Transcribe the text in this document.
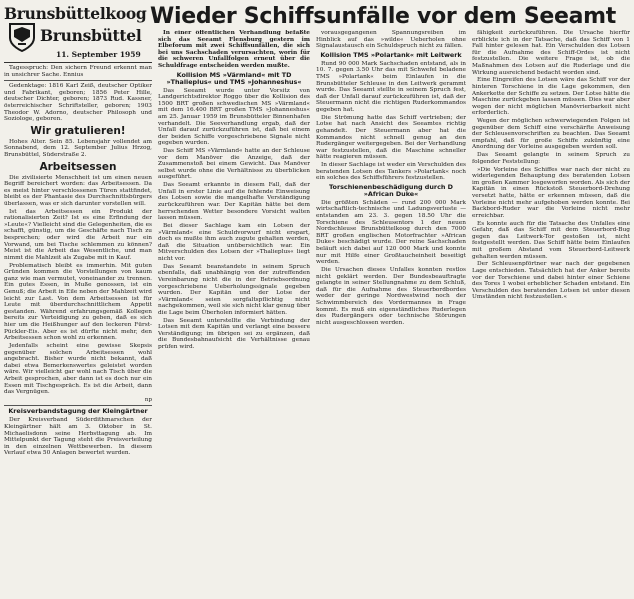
Brunsbüttelkoog
Brunsbüttel
11. September 1959
Wieder Schiffsunfälle vor dem Seeamt

Tagesspruch: Den sichern Freund erkennt man in unsichrer Sache. Ennius

Gedenktage: 1816 Karl Zeiß, deutscher Optiker und Fabrikant, geboren; 1856 Peter Hille, deutscher Dichter, geboren; 1873 Rud. Kassner, österreichischer Schriftsteller, geboren; 1903 Theodor W. Adorno, deutscher Philosoph und Soziologe, geboren.

Wir gratulieren!

Hohes Alter. Sein 85. Lebensjahr vollendet am Sonnabend, dem 12. September Julius Hrzog, Brunsbüttel, Süderstraße 2.

Arbeitsessen

Die zivilisierte Menschheit ist um einen neuen Begriff bereichert worden: das Arbeitsessen. Da es meist hinter verschlossenen Türen stattfindet, bleibt es der Phantasie des Durchschnittsbürgers überlassen, was er sich darunter vorstellen will.

Ist das Arbeitsessen ein Produkt der rationalisierten Zeit? Ist es eine Erfindung der »Leute«? Vielleicht sind die Gelegenheiten, die es schafft, günstig, um die Geschäfte nach Tisch zu besprechen; oder wird die Arbeit nur ein Vorwand, um bei Tische schlemmen zu können? Meist ist die Arbeit das Wesentliche, und man nimmt die Mahlzeit als Zugabe mit in Kauf.

Problematisch bleibt es immerhin. Mit guten Gründen kommen die Vorstellungen von kaum ganz wie man vermutet, voneinander zu trennen. Ein gutes Essen, in Muße genossen, ist ein Genuß; die Arbeit in Eile neben der Mahlzeit wird leicht zur Last. Von dem Arbeitsessen ist für Leute mit überdurchschnittlichem Appetit gestanden. Während erfahrungsgemäß Kollegen bereits zur Verteidigung zu geben, daß es sich hier um die Heißhunger auf den leckeren Fürst-Pückler-Eis. Aber es ist dürfte nicht mehr, den Arbeitsessen schon wohl zu erkennen.

Jedenfalls scheint eine gewisse Skepsis gegenüber solchen Arbeitsessen wohl angebracht. Bisher wurde nicht bekannt, daß dabei etwa Bemerkenswertes geleistet worden wäre. Wir vielleicht gar wohl nach Tisch über die Arbeit gesprochen, aber dann ist es doch nur ein Essen mit Tischgespräch. Es ist die Arbeit, dann das Vergnügen.

np
Kreisverbandstagung der Kleingärtner

Der Kreisverband Süderdithmarschen der Kleingärtner hält am 3. Oktober in St. Michaelisdonn seine Herbsttagung ab. Im Mittelpunkt der Tagung steht die Preisverteilung in den einzelnen Wettbewerben. In diesem Verlauf etwa 50 Anlagen bewertet wurden.

In einer öffentlichen Verhandlung befaßte sich das Seeamt Flensburg gestern im Elbeforum mit zwei Schiffsunfällen, die sich bei uns Sachschaden verursachten, worin für die schweren Unfallfolgen erneut über die Schuldfrage entscheiden werden mußte.

Kollision MS »Värmland« mit TD »Thalieplus« und TMS »Johanneshus«

Das Seeamt wurde unter Vorsitz von Landgerichtsdirektor Roggo über die Kollision des 1500 BRT großen schwedischen MS »Värmland« mit dem 16.400 BRT großen TMS »Johanneshus« am 25. Januar 1959 im Brunsbütteler Binnenhafen verhandelt. Die Seeverhandlung ergab, daß der Unfall darauf zurückzuführen ist, daß bei einem der beiden Schiffe vorgeschriebene Signale nicht gegeben wurden.

Das Schiff MS »Värmland« hatte an der Schleuse vor dem Manöver die Anzeige, daß der Zusammenstoß bei einem Gewicht. Das Manöver selbst wurde ohne die Verhältnisse zu überblicken ausgeführt.

Das Seeamt erkannte in diesem Fall, daß der Unfall in erster Linie auf die fehlende Einweisung des Lotsen sowie die mangelhafte Verständigung zurückzuführen war. Der Kapitän hätte bei dem herrschenden Wetter besondere Vorsicht walten lassen müssen.

Bei dieser Sachlage kam ein Lotsen der »Värmland« eine Schuldvorwurf nicht erspart, doch es mußte ihm auch zugute gehalten werden, daß die Situation unübersichtlich war. Ein Mitverschulden des Lotsen der »Thalieplus« liegt nicht vor.

Das Seeamt beanstandete in seinem Spruch ebenfalls, daß unabhängig von der zutreffenden Vereinbarung nicht die in der Betriebsordnung vorgeschriebene Ueberholungssignale gegeben wurden. Der Kapitän und der Lotse der »Värmland« seien sorgfaltspflichtig nicht nachgekommen, weil sie sich nicht klar genug über die Lage beim Überholen informiert hätten.

Das Seeamt unterstellte die Verbindung der Lotsen mit dem Kapitän und verlangt eine bessere Verständigung; im übrigen sei zu ergänzen, daß die Bundesbahnaufsicht die Verhältnisse genau prüfen wird.

vorausgegangenen Spannungsreiben im Hinblick auf das »wilde« Ueberholen ohne Signalaustausch ein Schuldspruch nicht zu fällen.

Kollision TMS »Polartank« mit Leitwerk

Rund 90 000 Mark Sachschaden entstand, als in 10. 7. gegen 3.50 Uhr das mit Schwefel beladene TMS »Polartank« beim Einlaufen in die Brunsbütteler Schleuse in den Leitwerk gerammt wurde. Das Seeamt stellte in seinem Spruch fest, daß der Unfall darauf zurückzuführen ist, daß der Steuermann nicht die richtigen Ruderkommandos gegeben hat.

Die Strömung hatte das Schiff vertrieben; der Lotse hat nach Ansicht des Seeamtes richtig gehandelt. Der Steuermann aber hat die Kommandos nicht schnell genug an den Rudergänger weitergegeben. Bei der Verhandlung war festzustellen, daß die Maschine schneller hätte reagieren müssen.

In dieser Sachlage ist weder ein Verschulden des beratenden Lotsen des Tankers »Polartank« noch ein solches des Schiffsführers festzustellen.

Torschienenbeschädigung durch D »African Duke«

Die größten Schäden — rund 200 000 Mark wirtschaftlich-technische und Ladungsverluste — entstanden am 23. 3. gegen 18.50 Uhr die Torschiene des Schleusentors 1 der neuen Nordschleuse Brunsbüttelkoog durch den 7000 BRT großen englischen Motorfrachter »African Duke« beschädigt wurde. Der reine Sachschaden beläuft sich dabei auf 120 000 Mark und konnte nur mit Hilfe einer Großtaucheinheit beseitigt werden.

Die Ursachen dieses Unfalles konnten restlos nicht geklärt werden. Der Bundesbeauftragte gelangte in seiner Stellungnahme zu dem Schluß, daß für die Aufnahme des Steuerbordbordes weder der geringe Nordwestwind noch der Schwimmbereich des Vordermannes in Frage kommt. Es muß ein eigenständliches Ruderlegen des Rudergängers oder technische Störungen nicht ausgeschlossen werden.

fähigkeit zurückzuführen. Die Ursache hierfür erblickte ich in der Tatsache, daß das Schiff von 1 Fall hinter gelesen hat. Ein Verschulden des Lotsen für die Aufnahme des Schiff-Ordes ist nicht festzustellen. Die weitere Frage ist, ob die Maßnahmen des Lotsen auf die Ruderlage und die Wirkung ausreichend bedacht worden sind.

Eine Eingreifen des Lotsen wäre das Schiff vor der hinteren Torschiene in die Lage gekommen, den Ankerkette der Schiffe zu setzen. Der Lotse hätte die Maschine zurückgeben lassen müssen. Dies war aber wegen der nicht möglichen Manövrierbarkeit nicht erforderlich.

Wegen der möglichen schwerwiegenden Folgen ist gegenüber dem Schiff eine verschärfte Anweisung der Schleusenvorschriften zu beachten. Das Seeamt empfahl, daß für große Schiffe zukünftig eine Anordnung der Vorleine ausgegeben werden soll.

Das Seeamt gelangte in seinem Spruch zu folgender Feststellung:

»Die Vorleine des Schiffes war nach der nicht zu widerlegenden Behauptung des beratenden Lotsen im großen Kammer losgeworfen worden. Als sich der Kapitän in einen Rückstoß Steuerbord-Drehung versetzt hatte, hätte er erkennen müssen, daß die Vorleine nicht mehr aufgehoben werden konnte. Bei Backbord-Ruder war die Vorleine nicht mehr erreichbar.

Es konnte auch für die Tatsache des Unfalles eine Gefahr, daß das Schiff mit dem Steuerbord-Bug gegen das Leitwerk-Tor gestoßen ist, nicht festgestellt werden. Das Schiff hätte beim Einlaufen mit großem Abstand vom Steuerbord-Leitwerk gehalten werden müssen.

Der Schleusenpförtner war nach der gegebenen Lage entschieden. Tatsächlich hat der Anker bereits vor der Torschiene und dabei hinter einer Schiene des Tores 1 wobei erheblicher Schaden entstand. Ein Verschulden des beratenden Lotsen ist unter diesen Umständen nicht festzustellen.«
